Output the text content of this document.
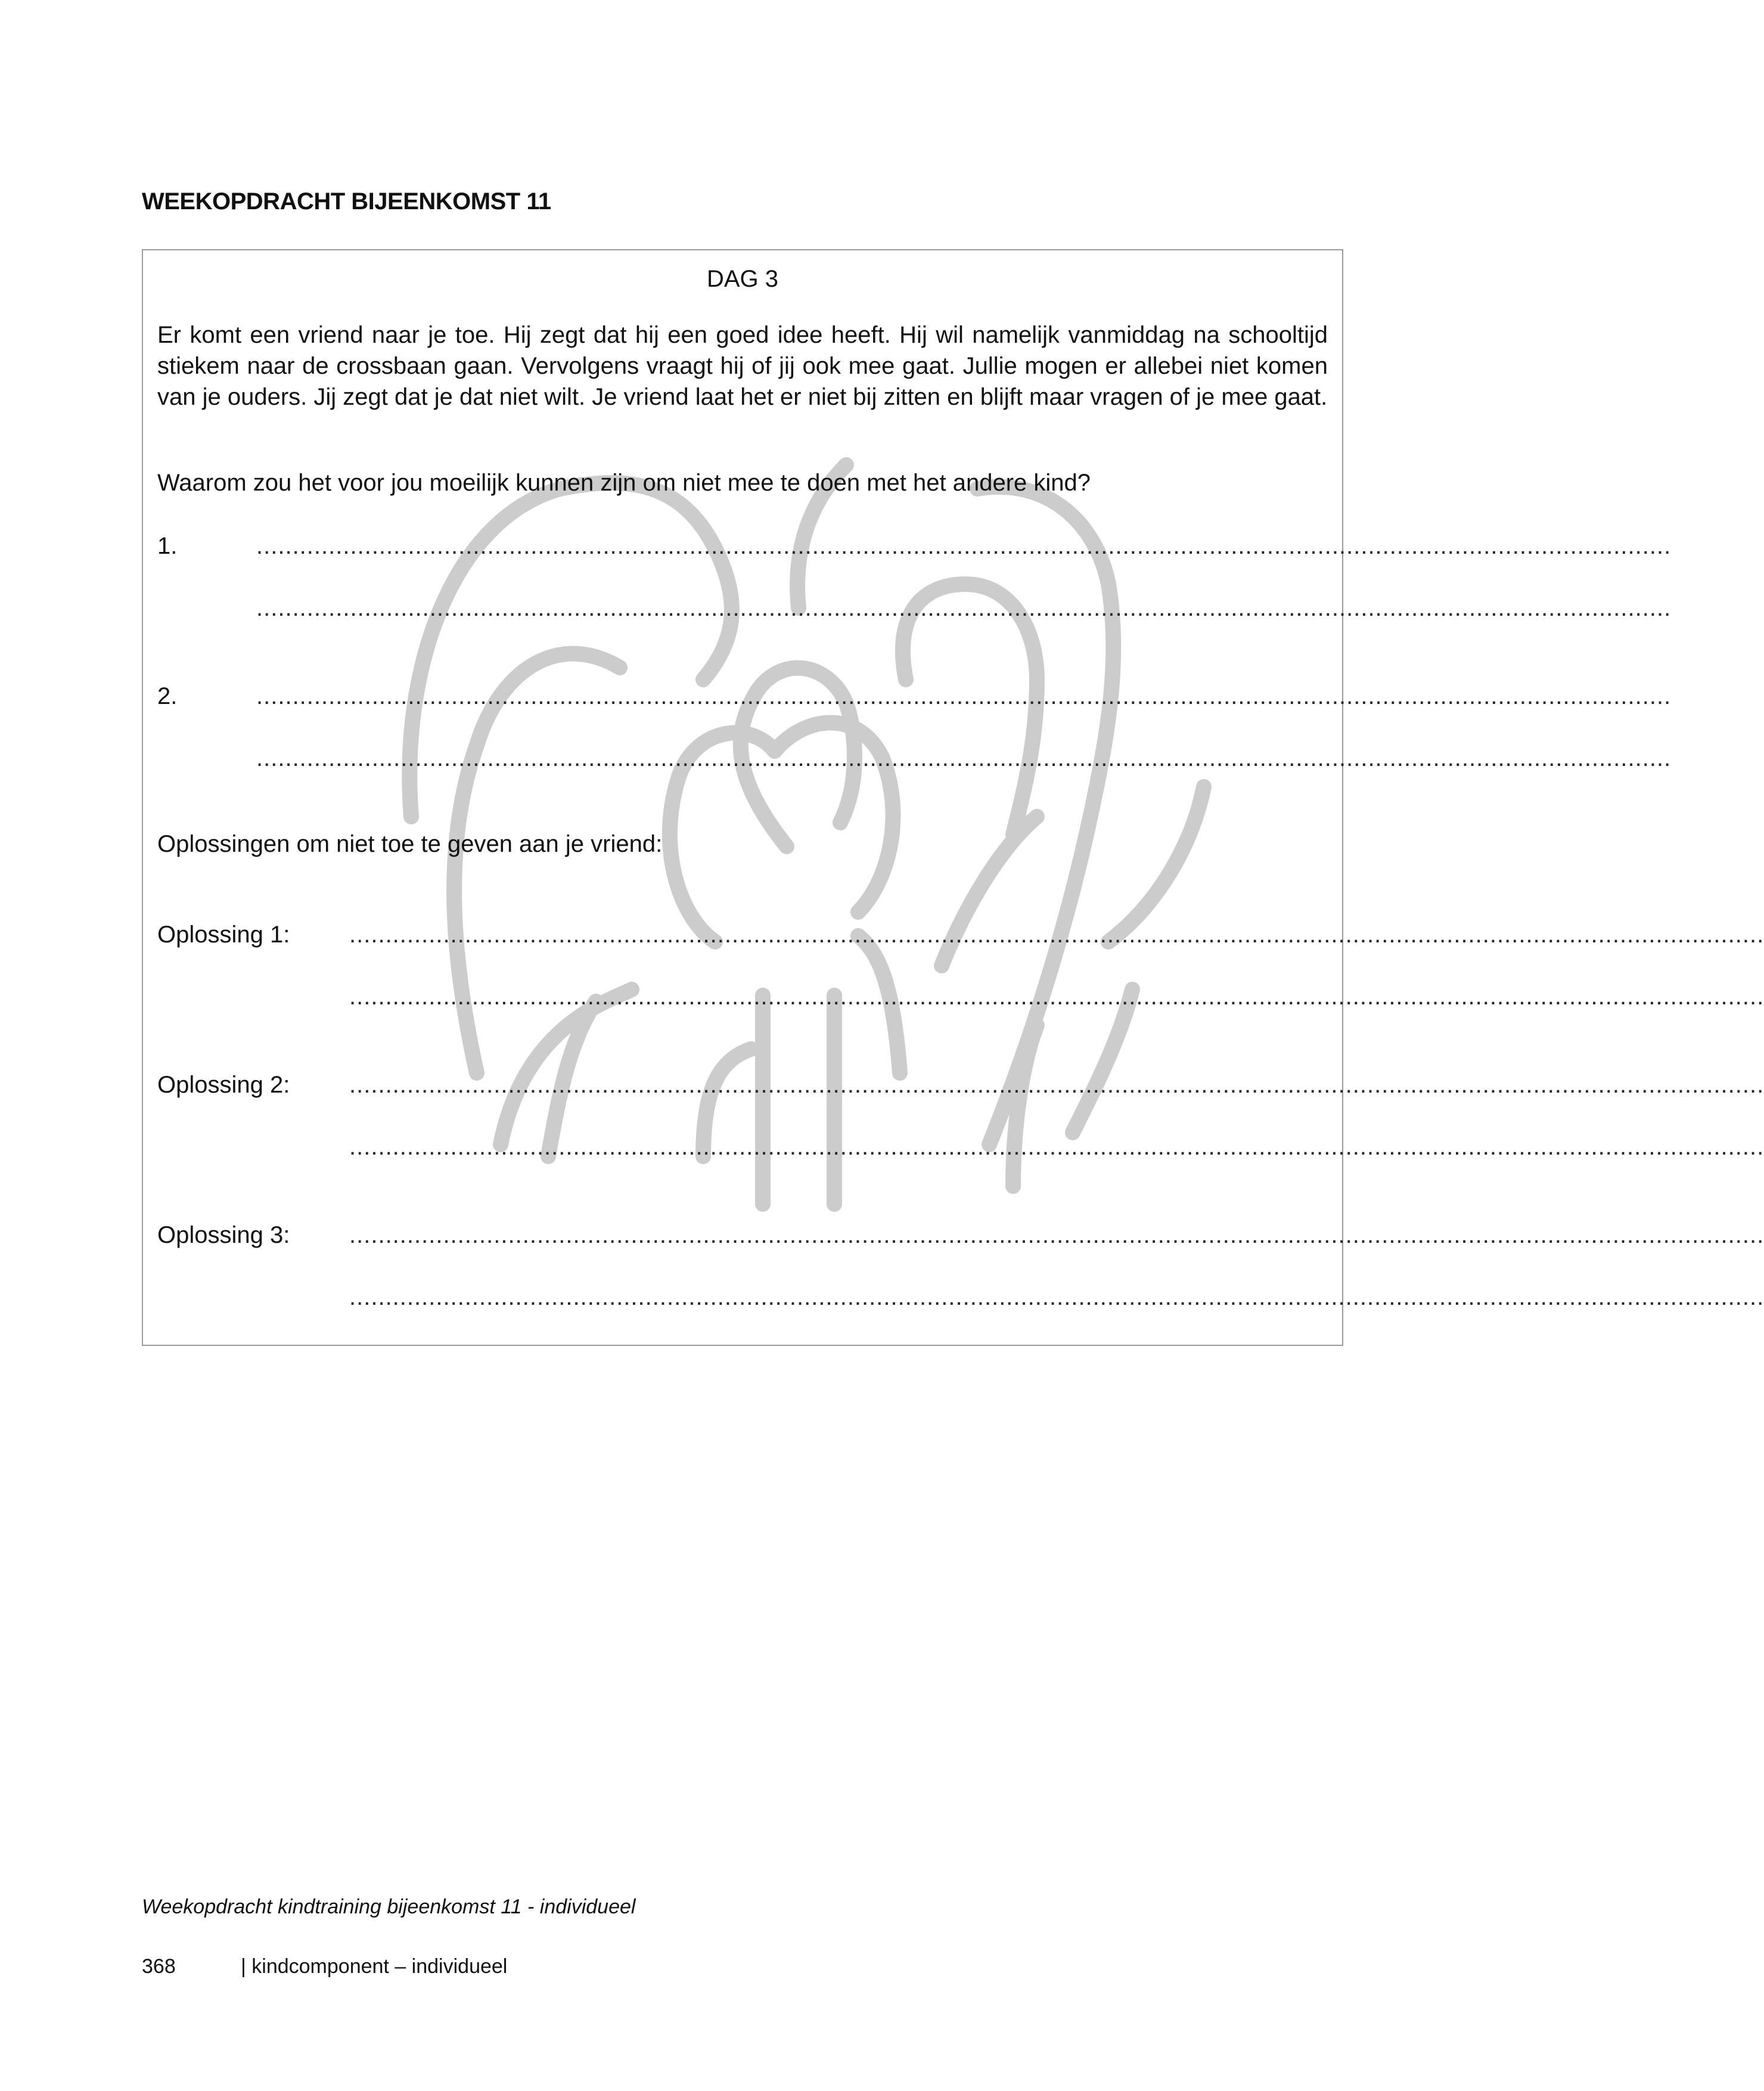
WEEKOPDRACHT BIJEENKOMST 11
DAG 3
Er komt een vriend naar je toe. Hij zegt dat hij een goed idee heeft. Hij wil namelijk vanmiddag na schooltijd stiekem naar de crossbaan gaan. Vervolgens vraagt hij of jij ook mee gaat. Jullie mogen er allebei niet komen van je ouders. Jij zegt dat je dat niet wilt. Je vriend laat het er niet bij zitten en blijft maar vragen of je mee gaat.
Waarom zou het voor jou moeilijk kunnen zijn om niet mee te doen met het andere kind?
1.	....................................................................................................................................................................................................
....................................................................................................................................................................................................
2.	....................................................................................................................................................................................................
....................................................................................................................................................................................................
Oplossingen om niet toe te geven aan je vriend:
Oplossing 1: ....................................................................................................................................................................................................
....................................................................................................................................................................................................
Oplossing 2: ....................................................................................................................................................................................................
....................................................................................................................................................................................................
Oplossing 3: ....................................................................................................................................................................................................
....................................................................................................................................................................................................
Weekopdracht kindtraining bijeenkomst 11 - individueel
368	| kindcomponent – individueel
